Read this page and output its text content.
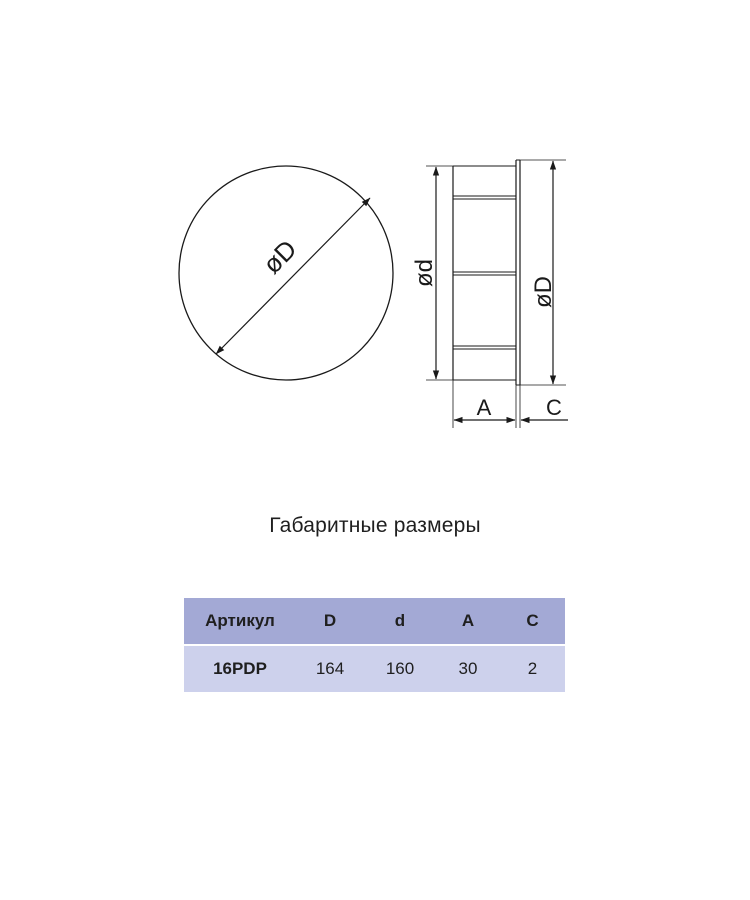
øD	ød
øD
A C
Габаритные размеры
Артикул	D	d	A	C
16PDP	164	160	30	2
